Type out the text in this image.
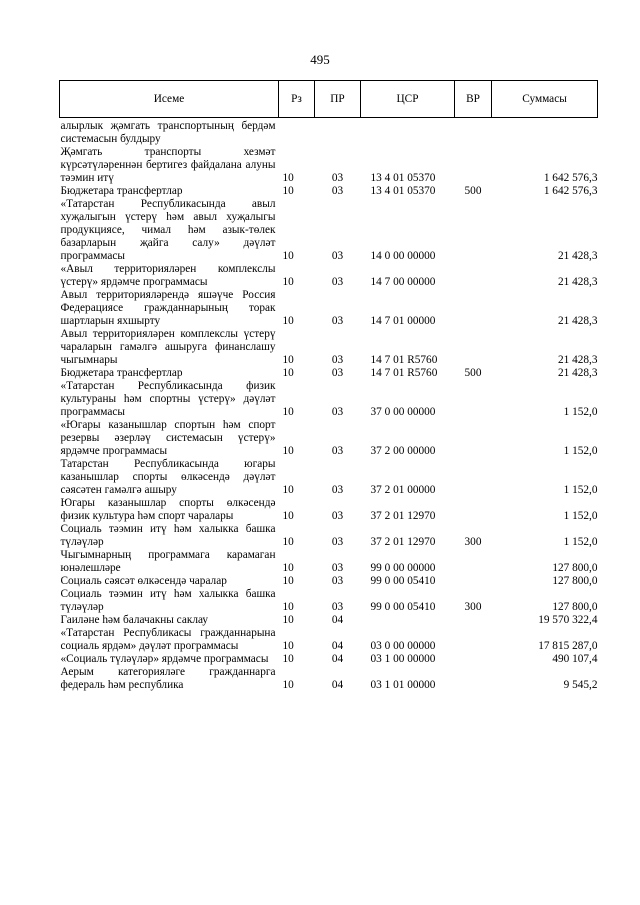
495
Исеме	Рз	ПР	ЦСР	ВР	Суммасы
алырлык җәмгать транспортының бердәм системасын булдыру					
Җәмгать транспорты хезмәт күрсәтүләреннән бертигез файдалана алуны тәэмин итү	10	03	13 4 01 05370		1 642 576,3
Бюджетара трансфертлар	10	03	13 4 01 05370	500	1 642 576,3
«Татарстан Республикасында авыл хуҗалыгын үстерү һәм авыл хуҗалыгы продукциясе, чимал һәм азык-төлек базарларын җайга салу» дәүләт программасы	10	03	14 0 00 00000		21 428,3
«Авыл территорияләрен комплекслы үстерү» ярдәмче программасы	10	03	14 7 00 00000		21 428,3
Авыл территорияләрендә яшәүче Россия Федерациясе гражданнарының торак шартларын яхшырту	10	03	14 7 01 00000		21 428,3
Авыл территорияләрен комплекслы үстерү чараларын гамәлгә ашыруга финанслашу чыгымнары	10	03	14 7 01 R5760		21 428,3
Бюджетара трансфертлар	10	03	14 7 01 R5760	500	21 428,3
«Татарстан Республикасында физик культураны һәм спортны үстерү» дәүләт программасы	10	03	37 0 00 00000		1 152,0
«Югары казанышлар спортын һәм спорт резервы әзерләү системасын үстерү» ярдәмче программасы	10	03	37 2 00 00000		1 152,0
Татарстан Республикасында югары казанышлар спорты өлкәсендә дәүләт сәясәтен гамәлгә ашыру	10	03	37 2 01 00000		1 152,0
Югары казанышлар спорты өлкәсендә физик культура һәм спорт чаралары	10	03	37 2 01 12970		1 152,0
Социаль тәэмин итү һәм халыкка башка түләүләр	10	03	37 2 01 12970	300	1 152,0
Чыгымнарның программага карамаган юнәлешләре	10	03	99 0 00 00000		127 800,0
Социаль сәясәт өлкәсендә чаралар	10	03	99 0 00 05410		127 800,0
Социаль тәэмин итү һәм халыкка башка түләүләр	10	03	99 0 00 05410	300	127 800,0
Гаиләне һәм балачакны саклау	10	04			19 570 322,4
«Татарстан Республикасы гражданнарына социаль ярдәм» дәүләт программасы	10	04	03 0 00 00000		17 815 287,0
«Социаль түләүләр» ярдәмче программасы	10	04	03 1 00 00000		490 107,4
Аерым категорияләге гражданнарга федераль һәм республика	10	04	03 1 01 00000		9 545,2
